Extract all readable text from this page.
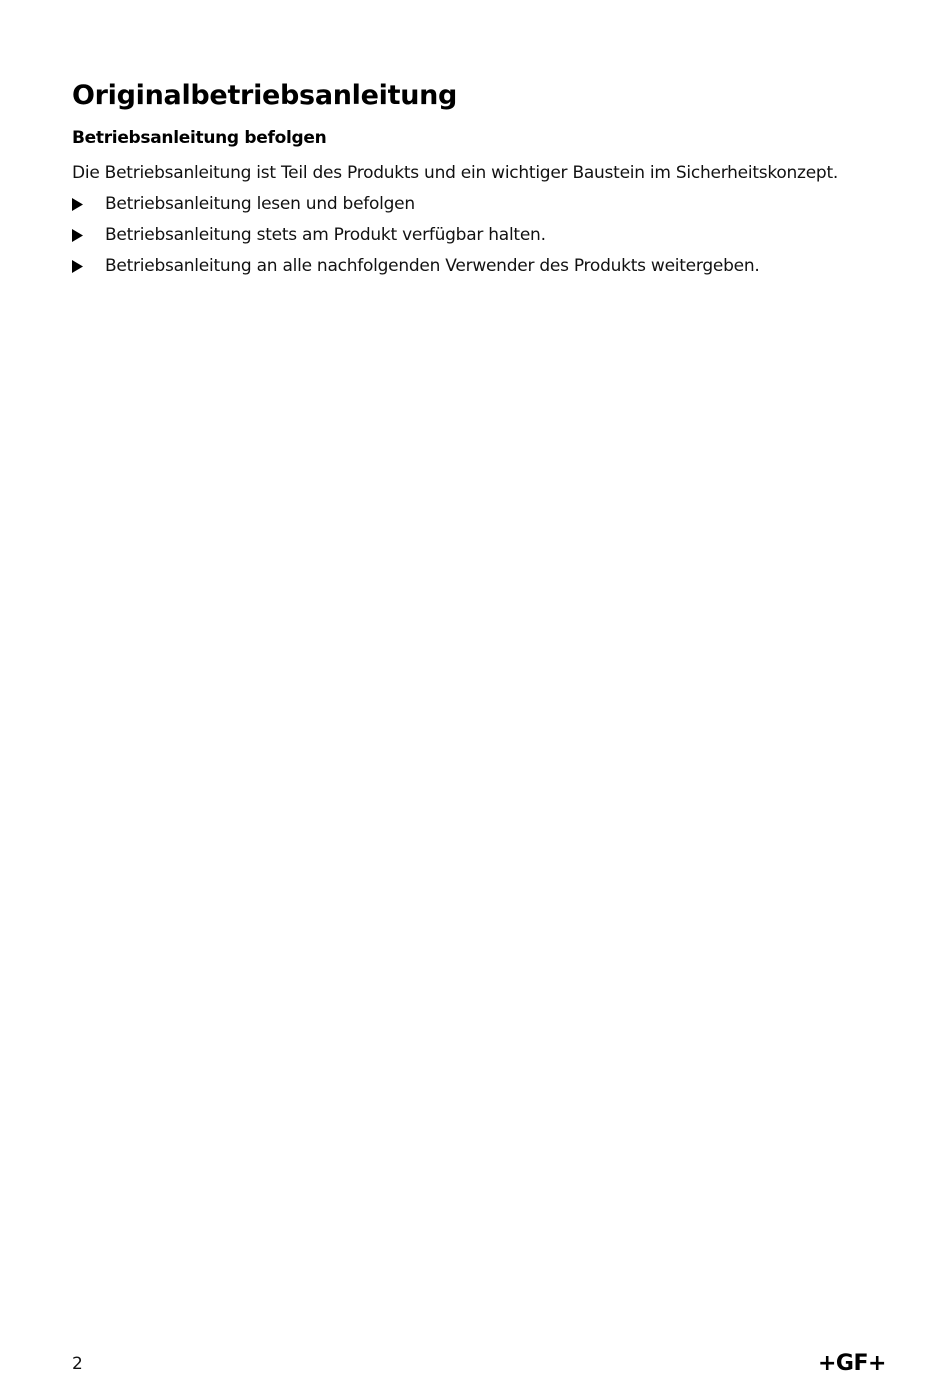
Originalbetriebsanleitung
Betriebsanleitung befolgen

Die Betriebsanleitung ist Teil des Produkts und ein wichtiger Baustein im Sicherheitskonzept.

Betriebsanleitung lesen und befolgen
Betriebsanleitung stets am Produkt verfügbar halten.
Betriebsanleitung an alle nachfolgenden Verwender des Produkts weitergeben.
2	+GF+
